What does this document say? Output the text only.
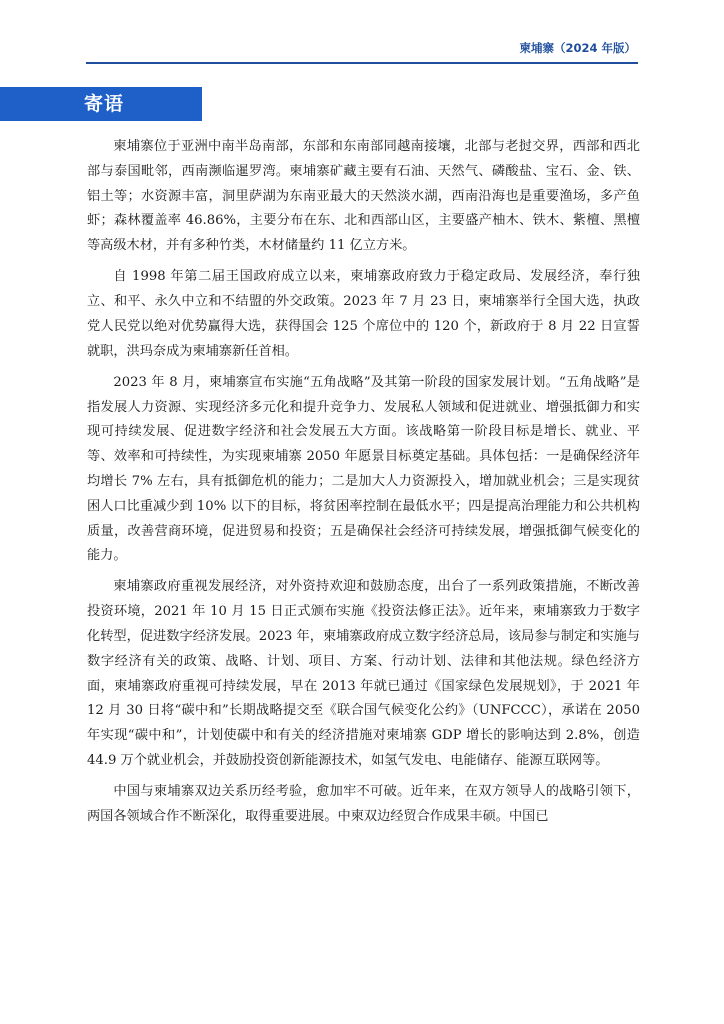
柬埔寨（2024 年版）
寄语

柬埔寨位于亚洲中南半岛南部，东部和东南部同越南接壤，北部与老挝交界，西部和西北部与泰国毗邻，西南濒临暹罗湾。柬埔寨矿藏主要有石油、天然气、磷酸盐、宝石、金、铁、铝土等；水资源丰富，洞里萨湖为东南亚最大的天然淡水湖，西南沿海也是重要渔场，多产鱼虾；森林覆盖率 46.86%，主要分布在东、北和西部山区，主要盛产柚木、铁木、紫檀、黑檀等高级木材，并有多种竹类，木材储量约 11 亿立方米。

自 1998 年第二届王国政府成立以来，柬埔寨政府致力于稳定政局、发展经济，奉行独立、和平、永久中立和不结盟的外交政策。2023 年 7 月 23 日，柬埔寨举行全国大选，执政党人民党以绝对优势赢得大选，获得国会 125 个席位中的 120 个，新政府于 8 月 22 日宣誓就职，洪玛奈成为柬埔寨新任首相。

2023 年 8 月，柬埔寨宣布实施“五角战略”及其第一阶段的国家发展计划。“五角战略”是指发展人力资源、实现经济多元化和提升竞争力、发展私人领域和促进就业、增强抵御力和实现可持续发展、促进数字经济和社会发展五大方面。该战略第一阶段目标是增长、就业、平等、效率和可持续性，为实现柬埔寨 2050 年愿景目标奠定基础。具体包括：一是确保经济年均增长 7% 左右，具有抵御危机的能力；二是加大人力资源投入，增加就业机会；三是实现贫困人口比重减少到 10% 以下的目标，将贫困率控制在最低水平；四是提高治理能力和公共机构质量，改善营商环境，促进贸易和投资；五是确保社会经济可持续发展，增强抵御气候变化的能力。

柬埔寨政府重视发展经济，对外资持欢迎和鼓励态度，出台了一系列政策措施，不断改善投资环境，2021 年 10 月 15 日正式颁布实施《投资法修正法》。近年来，柬埔寨致力于数字化转型，促进数字经济发展。2023 年，柬埔寨政府成立数字经济总局，该局参与制定和实施与数字经济有关的政策、战略、计划、项目、方案、行动计划、法律和其他法规。绿色经济方面，柬埔寨政府重视可持续发展，早在 2013 年就已通过《国家绿色发展规划》，于 2021 年 12 月 30 日将“碳中和”长期战略提交至《联合国气候变化公约》（UNFCCC），承诺在 2050 年实现“碳中和”，计划使碳中和有关的经济措施对柬埔寨 GDP 增长的影响达到 2.8%，创造 44.9 万个就业机会，并鼓励投资创新能源技术，如氢气发电、电能储存、能源互联网等。

中国与柬埔寨双边关系历经考验，愈加牢不可破。近年来，在双方领导人的战略引领下，两国各领域合作不断深化，取得重要进展。中柬双边经贸合作成果丰硕。中国已
